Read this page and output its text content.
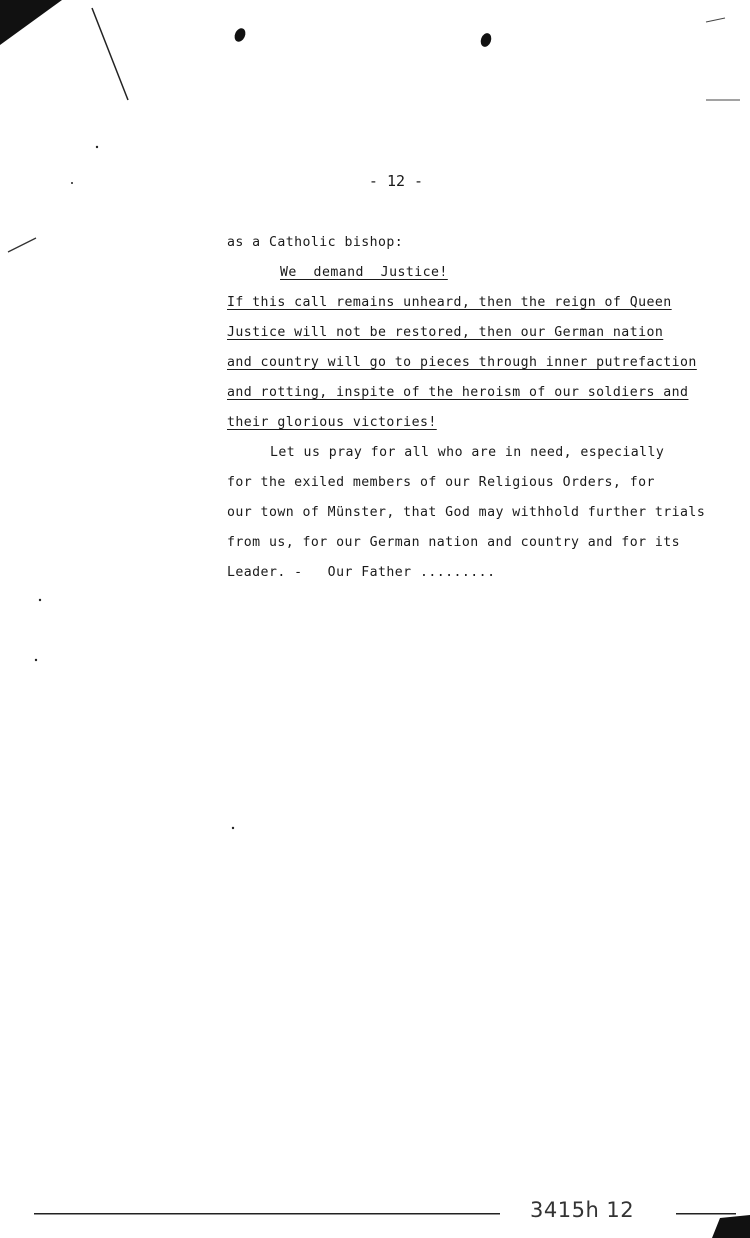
- 12 -
as a Catholic bishop:
We  demand  Justice!
If this call remains unheard, then the reign of Queen
Justice will not be restored, then our German nation
and country will go to pieces through inner putrefaction
and rotting, inspite of the heroism of our soldiers and
their glorious victories!
Let us pray for all who are in need, especially
for the exiled members of our Religious Orders, for
our town of Münster, that God may withhold further trials
from us, for our German nation and country and for its
Leader. -   Our Father .........
3415h 12
